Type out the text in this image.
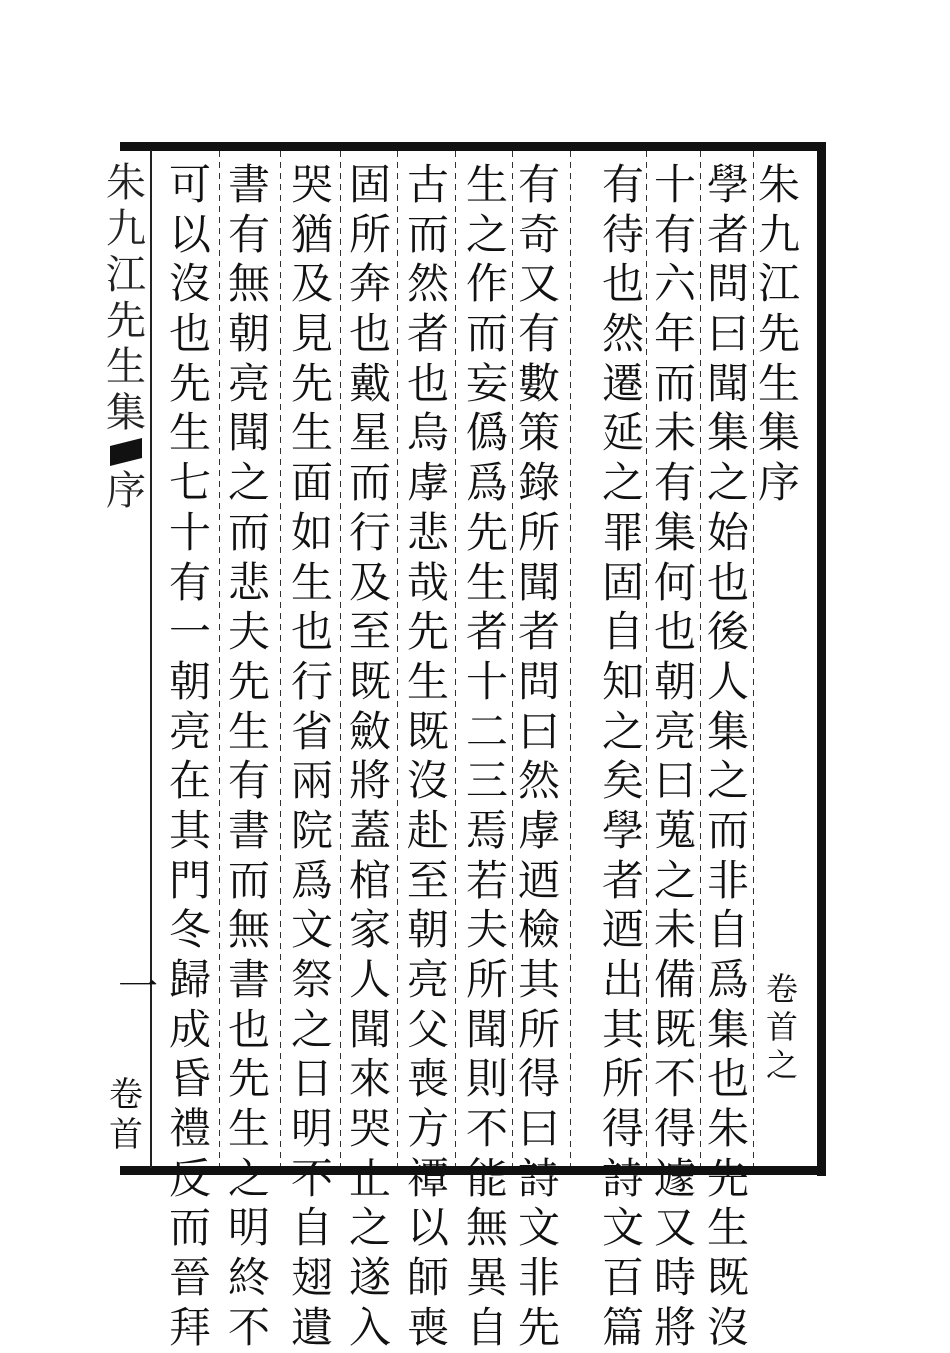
朱
九
江
先
生
集
序
一
卷
首
朱
九
江
先
生
集
序
卷
首
之
學
者
問
曰
聞
集
之
始
也
後
人
集
之
而
非
自
爲
集
也
朱
先
生
既
沒
十
有
六
年
而
未
有
集
何
也
朝
亮
曰
蒐
之
未
備
既
不
得
遽
又
時
將
有
待
也
然
遷
延
之
罪
固
自
知
之
矣
學
者
迺
出
其
所
得
詩
文
百
篇
有
奇
又
有
數
策
錄
所
聞
者
問
曰
然
虖
迺
檢
其
所
得
曰
詩
文
非
先
生
之
作
而
妄
僞
爲
先
生
者
十
二
三
焉
若
夫
所
聞
則
不
能
無
異
自
古
而
然
者
也
烏
虖
悲
哉
先
生
既
沒
赴
至
朝
亮
父
喪
方
禫
以
師
喪
固
所
奔
也
戴
星
而
行
及
至
既
斂
將
蓋
棺
家
人
聞
來
哭
止
之
遂
入
哭
猶
及
見
先
生
面
如
生
也
行
省
兩
院
爲
文
祭
之
日
明
不
自
翅
遺
書
有
無
朝
亮
聞
之
而
悲
夫
先
生
有
書
而
無
書
也
先
生
之
明
終
不
可
以
沒
也
先
生
七
十
有
一
朝
亮
在
其
門
冬
歸
成
昏
禮
反
而
晉
拜
